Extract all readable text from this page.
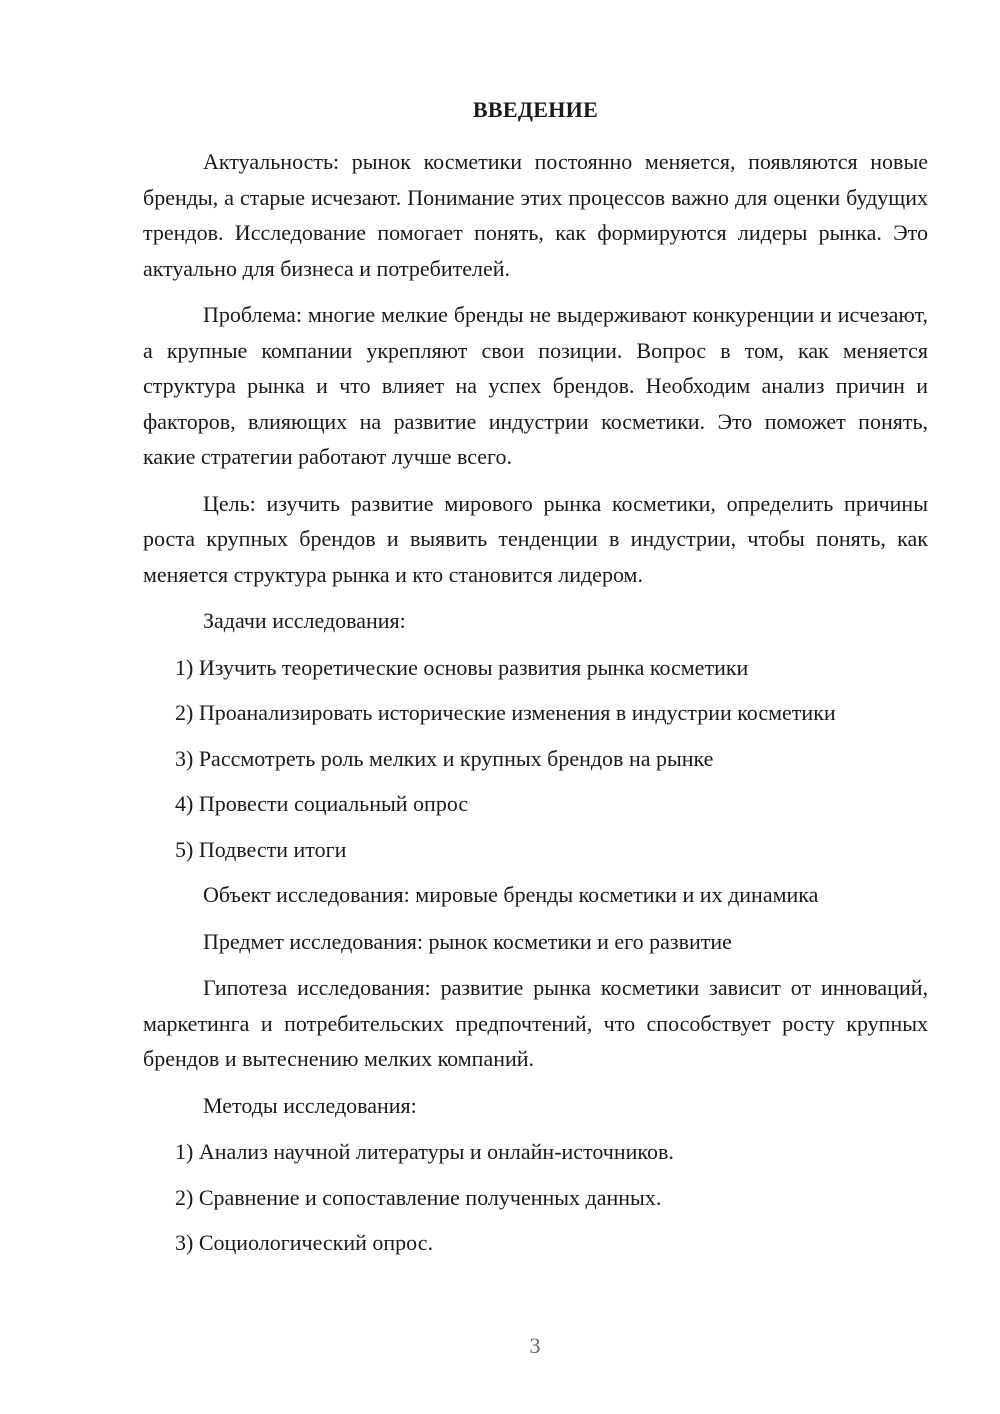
ВВЕДЕНИЕ

Актуальность: рынок косметики постоянно меняется, появляются новые бренды, а старые исчезают. Понимание этих процессов важно для оценки будущих трендов. Исследование помогает понять, как формируются лидеры рынка. Это актуально для бизнеса и потребителей.

Проблема: многие мелкие бренды не выдерживают конкуренции и исчезают, а крупные компании укрепляют свои позиции. Вопрос в том, как меняется структура рынка и что влияет на успех брендов. Необходим анализ причин и факторов, влияющих на развитие индустрии косметики. Это поможет понять, какие стратегии работают лучше всего.

Цель: изучить развитие мирового рынка косметики, определить причины роста крупных брендов и выявить тенденции в индустрии, чтобы понять, как меняется структура рынка и кто становится лидером.

Задачи исследования:

1) Изучить теоретические основы развития рынка косметики
2) Проанализировать исторические изменения в индустрии косметики
3) Рассмотреть роль мелких и крупных брендов на рынке
4) Провести социальный опрос
5) Подвести итоги

Объект исследования: мировые бренды косметики и их динамика

Предмет исследования: рынок косметики и его развитие

Гипотеза исследования: развитие рынка косметики зависит от инноваций, маркетинга и потребительских предпочтений, что способствует росту крупных брендов и вытеснению мелких компаний.

Методы исследования:

1) Анализ научной литературы и онлайн-источников.
2) Сравнение и сопоставление полученных данных.
3) Социологический опрос.
3
